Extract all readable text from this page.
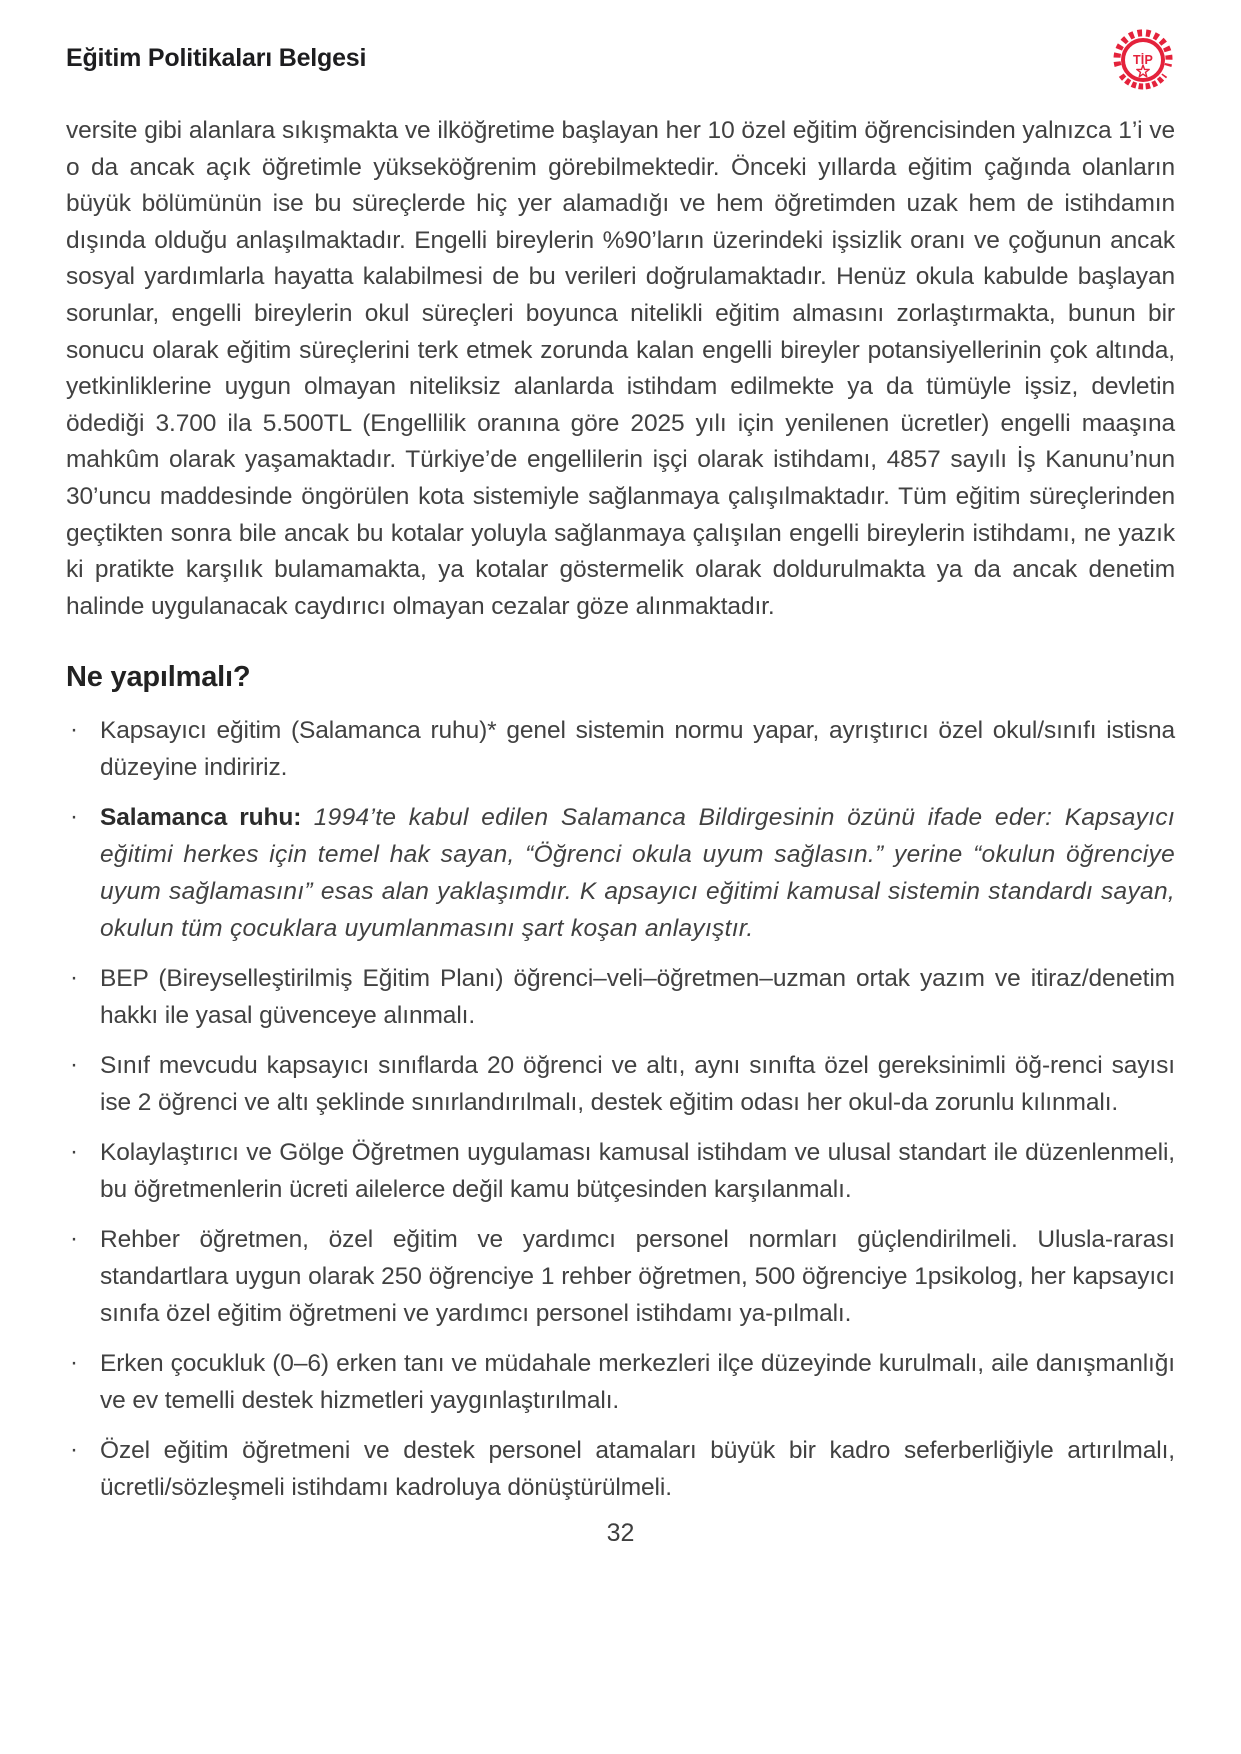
Eğitim Politikaları Belgesi	TİP

versite gibi alanlara sıkışmakta ve ilköğretime başlayan her 10 özel eğitim öğrencisinden yalnızca 1’i ve o da ancak açık öğretimle yükseköğrenim görebilmektedir. Önceki yıllarda eğitim çağında olanların büyük bölümünün ise bu süreçlerde hiç yer alamadığı ve hem öğretimden uzak hem de istihdamın dışında olduğu anlaşılmaktadır. Engelli bireylerin %90’ların üzerindeki işsizlik oranı ve çoğunun ancak sosyal yardımlarla hayatta kalabilmesi de bu verileri doğrulamaktadır. Henüz okula kabulde başlayan sorunlar, engelli bireylerin okul süreçleri boyunca nitelikli eğitim almasını zorlaştırmakta, bunun bir sonucu olarak eğitim süreçlerini terk etmek zorunda kalan engelli bireyler potansiyellerinin çok altında, yetkinliklerine uygun olmayan niteliksiz alanlarda istihdam edilmekte ya da tümüyle işsiz, devletin ödediği 3.700 ila 5.500TL (Engellilik oranına göre 2025 yılı için yenilenen ücretler) engelli maaşına mahkûm olarak yaşamaktadır. Türkiye’de engellilerin işçi olarak istihdamı, 4857 sayılı İş Kanunu’nun 30’uncu maddesinde öngörülen kota sistemiyle sağlanmaya çalışılmaktadır. Tüm eğitim süreçlerinden geçtikten sonra bile ancak bu kotalar yoluyla sağlanmaya çalışılan engelli bireylerin istihdamı, ne yazık ki pratikte karşılık bulamamakta, ya kotalar göstermelik olarak doldurulmakta ya da ancak denetim halinde uygulanacak caydırıcı olmayan cezalar göze alınmaktadır.

Ne yapılmalı?
· Kapsayıcı eğitim (Salamanca ruhu)* genel sistemin normu yapar, ayrıştırıcı özel okul/sınıfı istisna düzeyine indiririz.
· Salamanca ruhu: 1994’te kabul edilen Salamanca Bildirgesinin özünü ifade eder: Kapsayıcı eğitimi herkes için temel hak sayan, “Öğrenci okula uyum sağlasın.” yerine “okulun öğrenciye uyum sağlamasını” esas alan yaklaşımdır. K apsayıcı eğitimi kamusal sistemin standardı sayan, okulun tüm çocuklara uyumlanmasını şart koşan anlayıştır.
· BEP (Bireyselleştirilmiş Eğitim Planı) öğrenci–veli–öğretmen–uzman ortak yazım ve itiraz/denetim hakkı ile yasal güvenceye alınmalı.
· Sınıf mevcudu kapsayıcı sınıflarda 20 öğrenci ve altı, aynı sınıfta özel gereksinimli öğ-renci sayısı ise 2 öğrenci ve altı şeklinde sınırlandırılmalı, destek eğitim odası her okul-da zorunlu kılınmalı.
· Kolaylaştırıcı ve Gölge Öğretmen uygulaması kamusal istihdam ve ulusal standart ile düzenlenmeli, bu öğretmenlerin ücreti ailelerce değil kamu bütçesinden karşılanmalı.
· Rehber öğretmen, özel eğitim ve yardımcı personel normları güçlendirilmeli. Ulusla-rarası standartlara uygun olarak 250 öğrenciye 1 rehber öğretmen, 500 öğrenciye 1psikolog, her kapsayıcı sınıfa özel eğitim öğretmeni ve yardımcı personel istihdamı ya-pılmalı.
· Erken çocukluk (0–6) erken tanı ve müdahale merkezleri ilçe düzeyinde kurulmalı, aile danışmanlığı ve ev temelli destek hizmetleri yaygınlaştırılmalı.
· Özel eğitim öğretmeni ve destek personel atamaları büyük bir kadro seferberliğiyle artırılmalı, ücretli/sözleşmeli istihdamı kadroluya dönüştürülmeli.
32
